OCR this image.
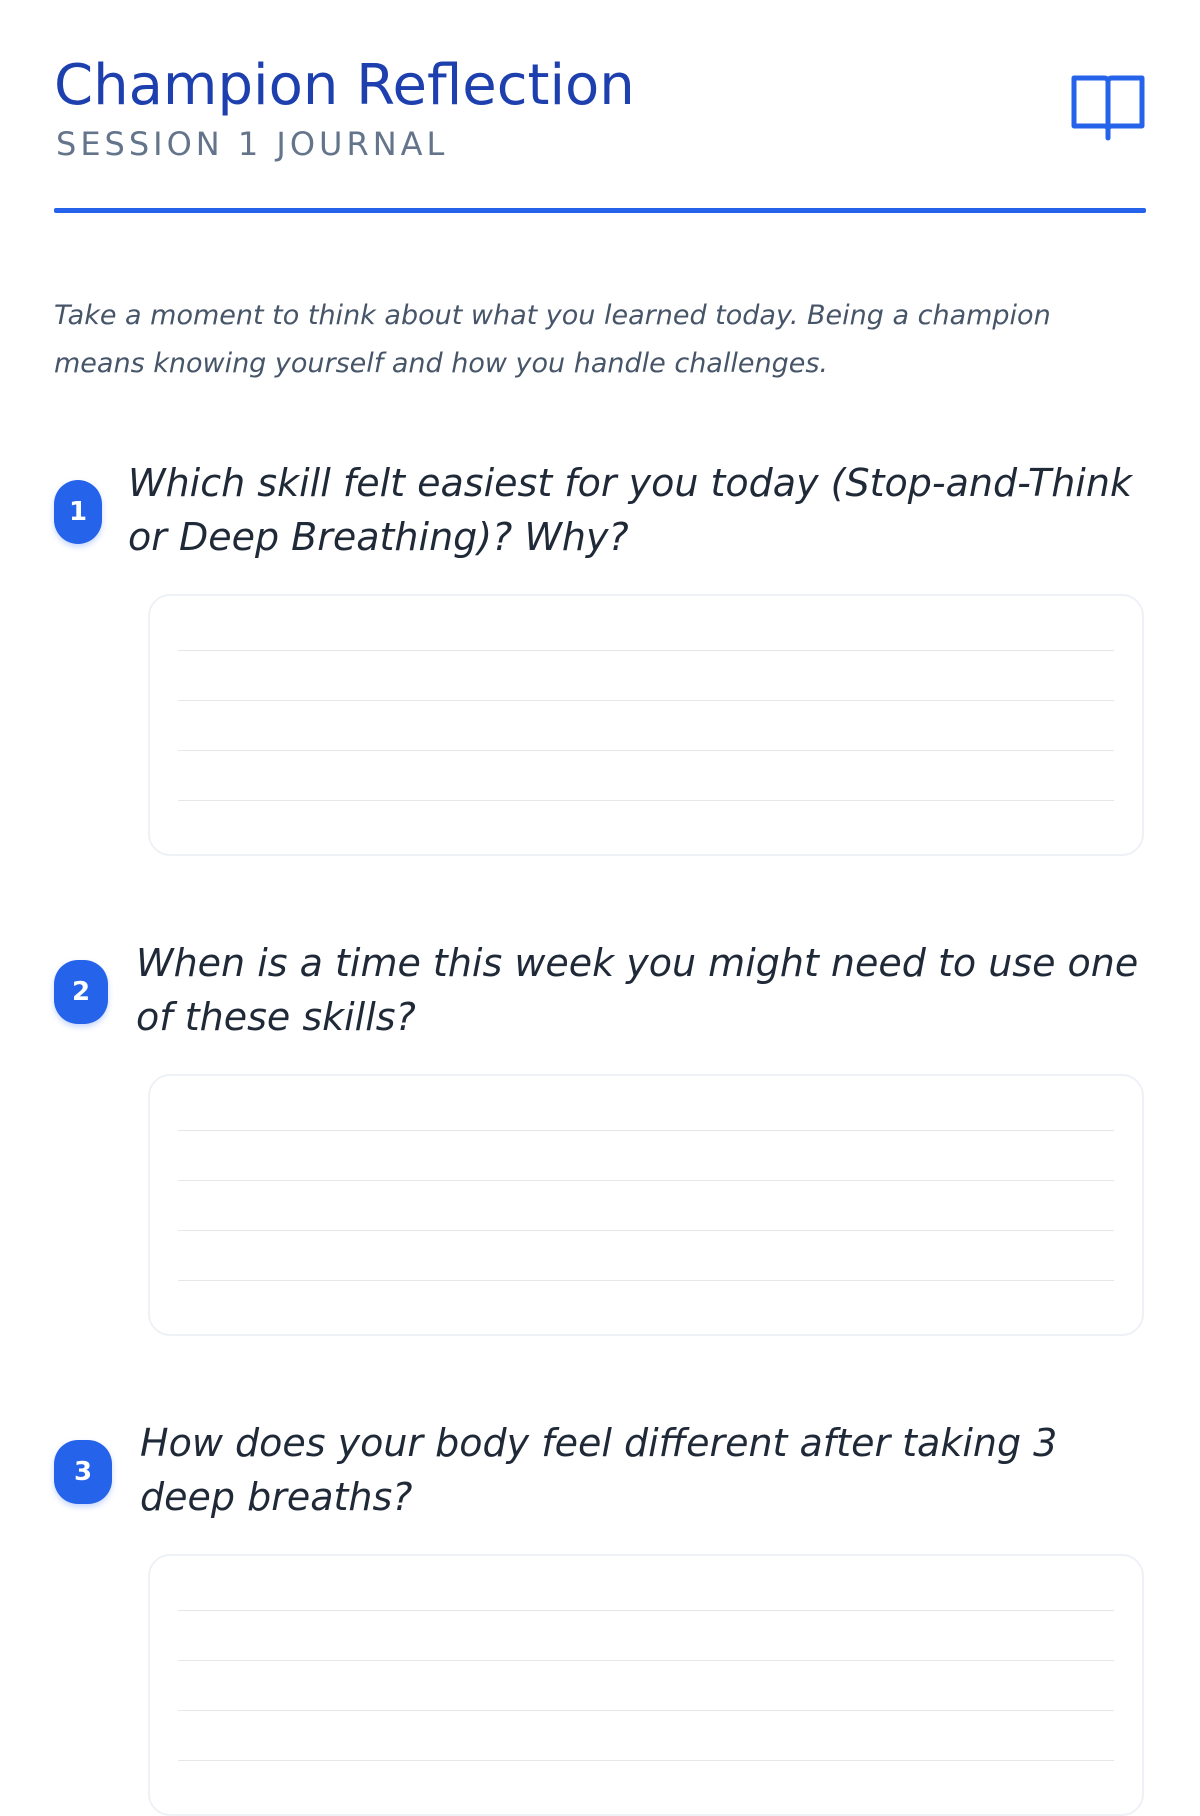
Champion Reflection
SESSION 1 JOURNAL
Take a moment to think about what you learned today. Being a champion means knowing yourself and how you handle challenges.
1
Which skill felt easiest for you today (Stop-and-Think or Deep Breathing)? Why?
2
When is a time this week you might need to use one of these skills?
3
How does your body feel different after taking 3 deep breaths?
